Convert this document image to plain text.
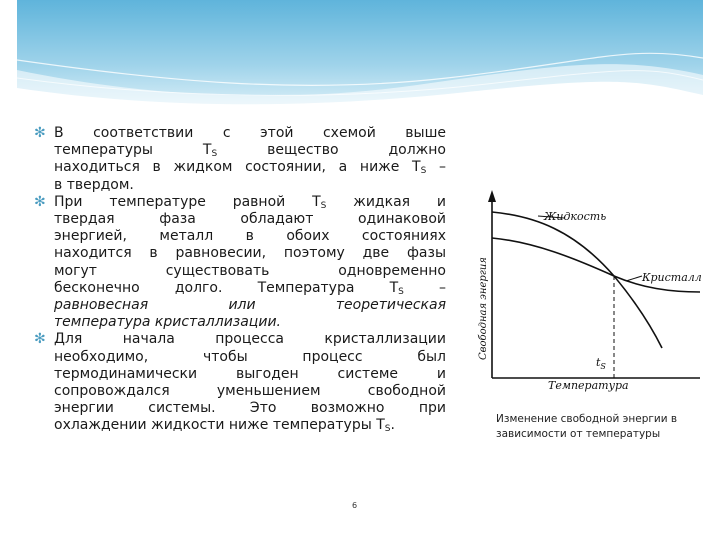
✻ В соответствии с этой схемой выше
температуры $T_S$	вещество должно
находиться в жидком состоянии, а ниже $T_S$ –
в твердом.
✻ При температуре равной $T_S$ жидкая и
твердая фаза обладают одинаковой
энергией, металл в обоих состояниях
находится в равновесии, поэтому две фазы
могут существовать одновременно
бесконечно долго. Температура $T_S$	–
равновесная или теоретическая
температура кристаллизации.
✻ Для начала процесса кристаллизации
необходимо, чтобы процесс был
термодинамически выгоден системе и
сопровождался уменьшением свободной
энергии системы. Это возможно при
охлаждении жидкости ниже температуры $T_S$.
6
Жидкость
Кристалл
$t_S$
Температура
Свободная энергия
Изменение свободной энергии в зависимости от температуры
